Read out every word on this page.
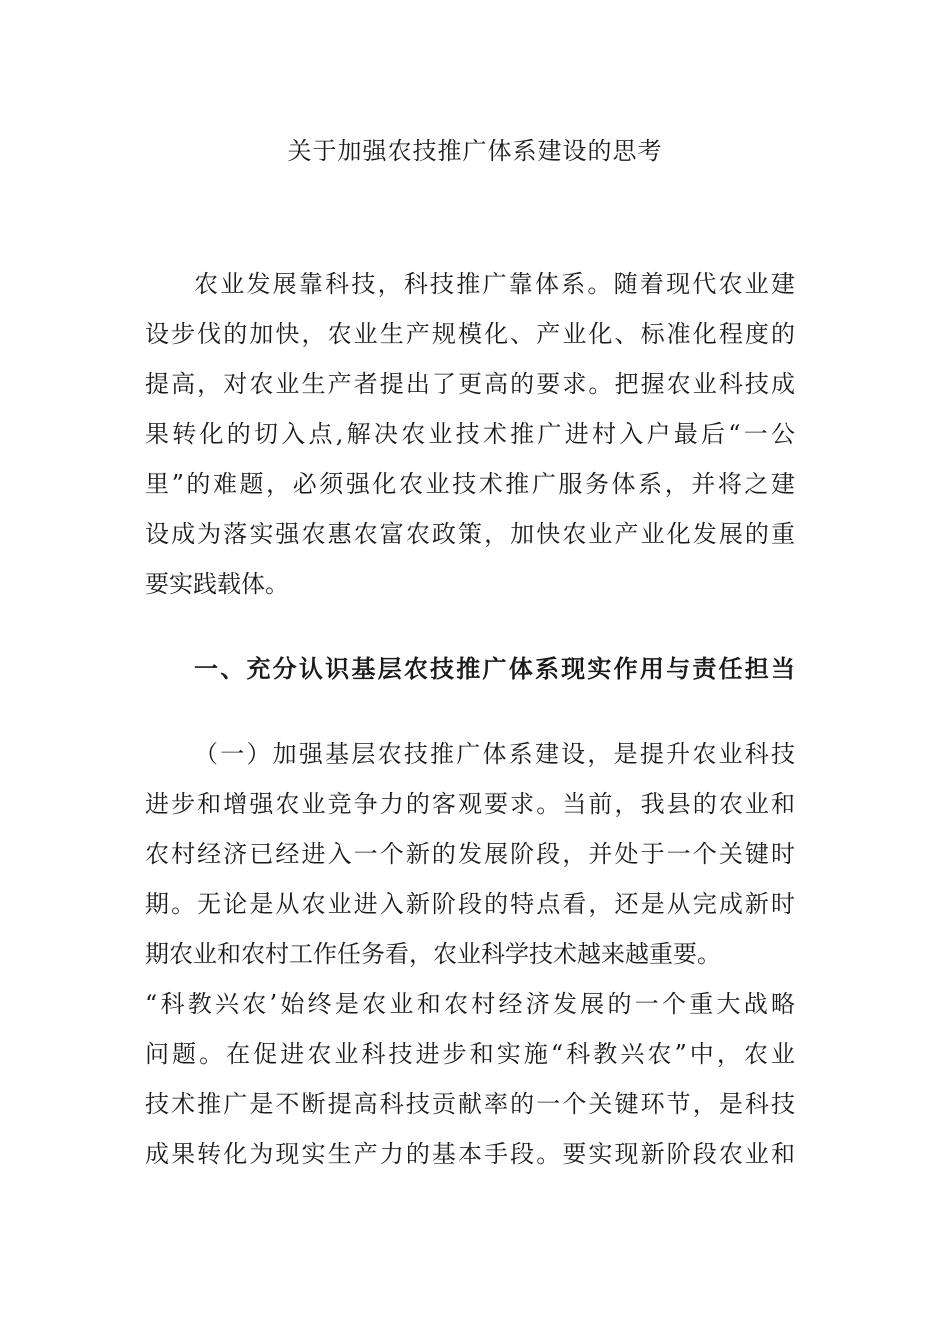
关于加强农技推广体系建设的思考
农业发展靠科技，科技推广靠体系。随着现代农业建
设步伐的加快，农业生产规模化、产业化、标准化程度的
提高，对农业生产者提出了更高的要求。把握农业科技成
果转化的切入点,解决农业技术推广进村入户最后“一公
里”的难题，必须强化农业技术推广服务体系，并将之建
设成为落实强农惠农富农政策，加快农业产业化发展的重
要实践载体。
一、充分认识基层农技推广体系现实作用与责任担当
（一）加强基层农技推广体系建设，是提升农业科技
进步和增强农业竞争力的客观要求。当前，我县的农业和
农村经济已经进入一个新的发展阶段，并处于一个关键时
期。无论是从农业进入新阶段的特点看，还是从完成新时
期农业和农村工作任务看，农业科学技术越来越重要。
“科教兴农’始终是农业和农村经济发展的一个重大战略
问题。在促进农业科技进步和实施“科教兴农”中，农业
技术推广是不断提高科技贡献率的一个关键环节，是科技
成果转化为现实生产力的基本手段。要实现新阶段农业和
